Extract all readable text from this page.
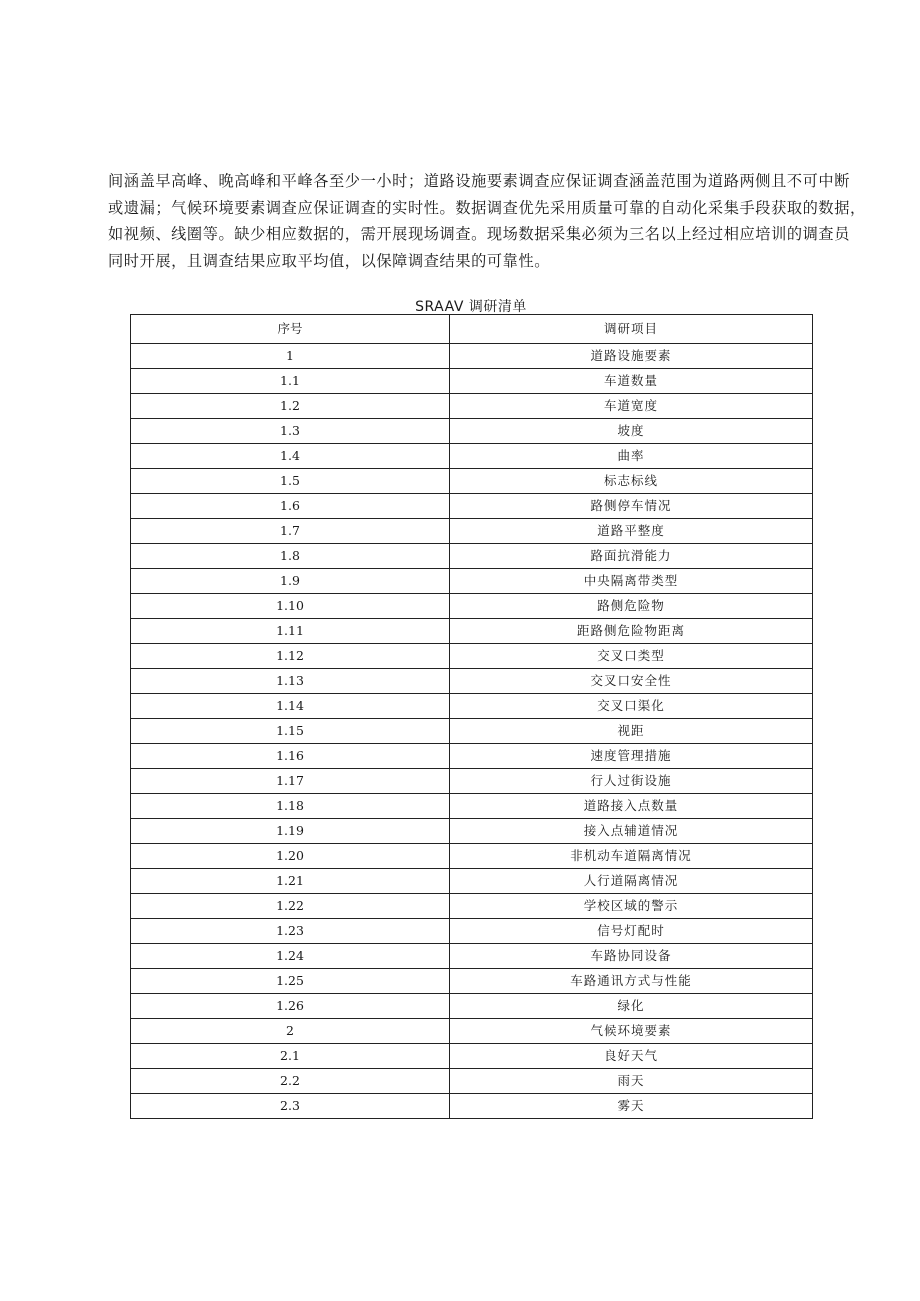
间涵盖早高峰、晚高峰和平峰各至少一小时；道路设施要素调查应保证调查涵盖范围为道路两侧且不可中断
或遗漏；气候环境要素调查应保证调查的实时性。数据调查优先采用质量可靠的自动化采集手段获取的数据，
如视频、线圈等。缺少相应数据的，需开展现场调查。现场数据采集必须为三名以上经过相应培训的调查员
同时开展，且调查结果应取平均值，以保障调查结果的可靠性。
SRAAV 调研清单
序号	调研项目
1	道路设施要素
1.1	车道数量
1.2	车道宽度
1.3	坡度
1.4	曲率
1.5	标志标线
1.6	路侧停车情况
1.7	道路平整度
1.8	路面抗滑能力
1.9	中央隔离带类型
1.10	路侧危险物
1.11	距路侧危险物距离
1.12	交叉口类型
1.13	交叉口安全性
1.14	交叉口渠化
1.15	视距
1.16	速度管理措施
1.17	行人过街设施
1.18	道路接入点数量
1.19	接入点辅道情况
1.20	非机动车道隔离情况
1.21	人行道隔离情况
1.22	学校区域的警示
1.23	信号灯配时
1.24	车路协同设备
1.25	车路通讯方式与性能
1.26	绿化
2	气候环境要素
2.1	良好天气
2.2	雨天
2.3	雾天
